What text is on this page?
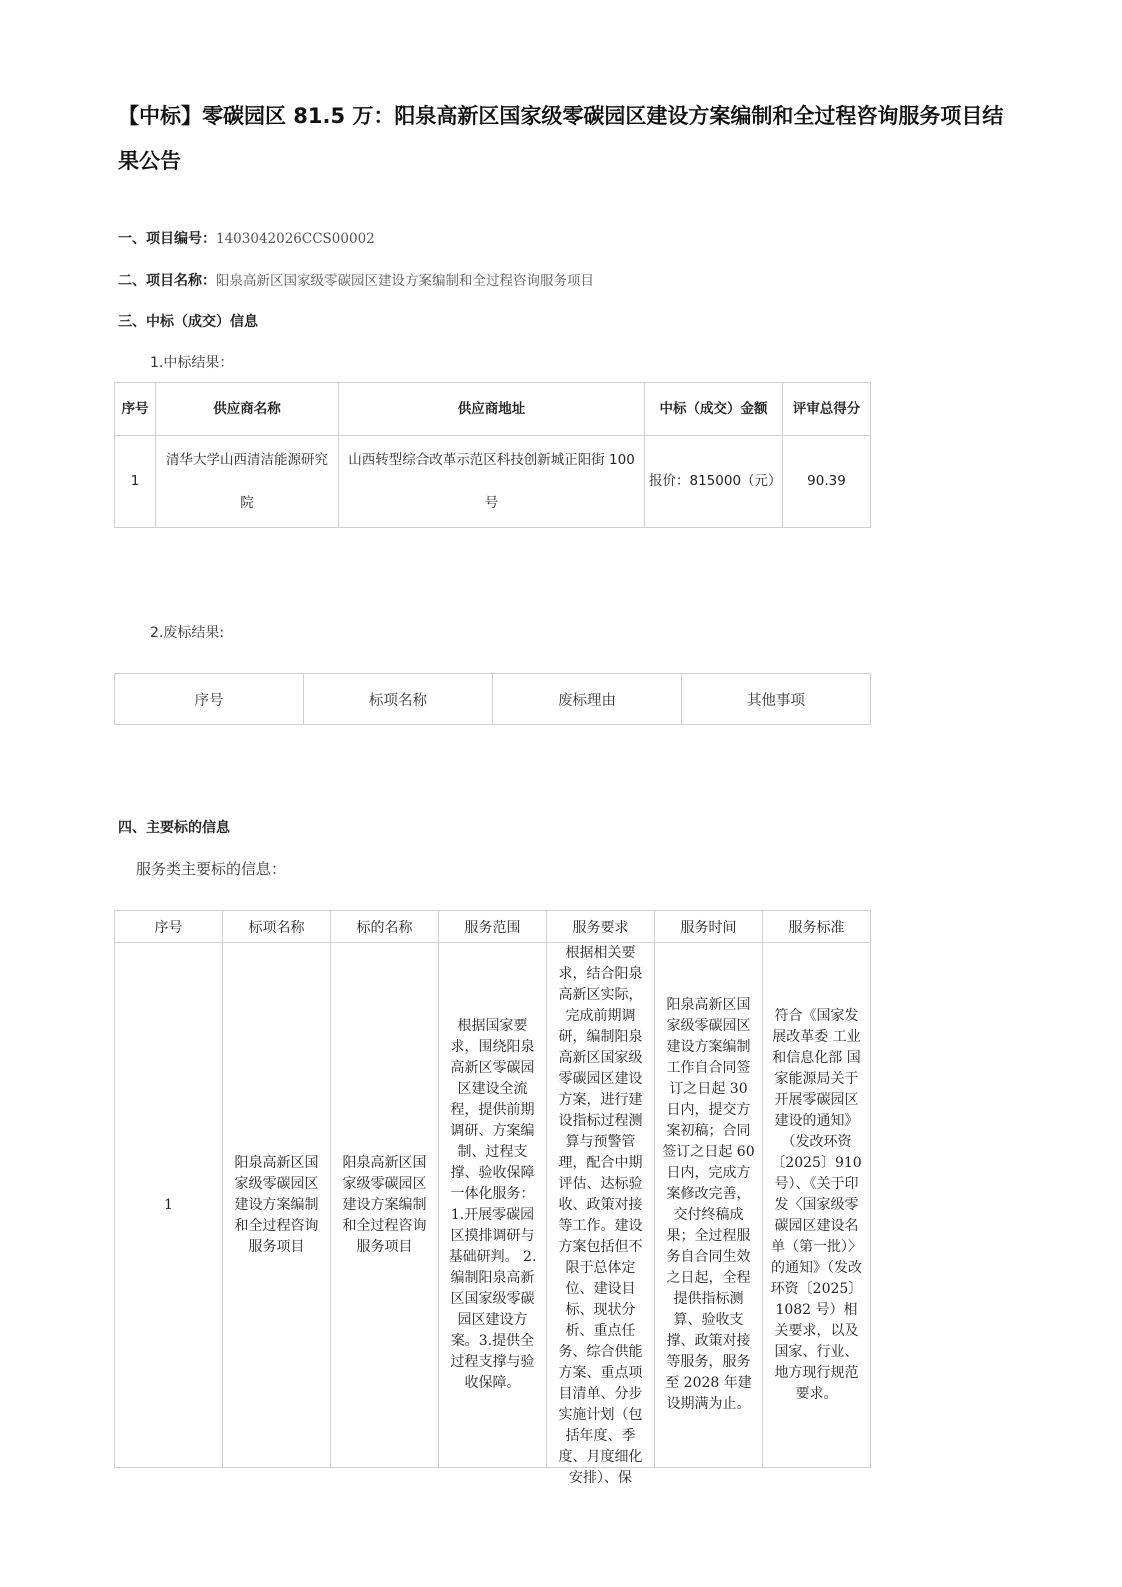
【中标】零碳园区 81.5 万：阳泉高新区国家级零碳园区建设方案编制和全过程咨询服务项目结果公告
一、项目编号：1403042026CCS00002
二、项目名称：阳泉高新区国家级零碳园区建设方案编制和全过程咨询服务项目
三、中标（成交）信息
1.中标结果：
序号	供应商名称	供应商地址	中标（成交）金额	评审总得分
1	清华大学山西清洁能源研究院	山西转型综合改革示范区科技创新城正阳街 100 号	报价：815000（元）	90.39
2.废标结果:
序号	标项名称	废标理由	其他事项
四、主要标的信息
服务类主要标的信息：
序号	标项名称	标的名称	服务范围	服务要求	服务时间	服务标准
1	阳泉高新区国家级零碳园区建设方案编制和全过程咨询服务项目	阳泉高新区国家级零碳园区建设方案编制和全过程咨询服务项目	根据国家要求，围绕阳泉高新区零碳园区建设全流程，提供前期调研、方案编制、过程支撑、验收保障一体化服务： 1.开展零碳园区摸排调研与基础研判。 2.编制阳泉高新区国家级零碳园区建设方案。3.提供全过程支撑与验收保障。	根据相关要求，结合阳泉高新区实际，完成前期调研，编制阳泉高新区国家级零碳园区建设方案，进行建设指标过程测算与预警管理，配合中期评估、达标验收、政策对接等工作。建设方案包括但不限于总体定位、建设目标、现状分析、重点任务、综合供能方案、重点项目清单、分步实施计划（包括年度、季度、月度细化安排）、保	阳泉高新区国家级零碳园区建设方案编制工作自合同签订之日起 30 日内，提交方案初稿；合同签订之日起 60 日内，完成方案修改完善，交付终稿成果；全过程服务自合同生效之日起，全程提供指标测算、验收支撑、政策对接等服务，服务至 2028 年建设期满为止。	符合《国家发展改革委 工业和信息化部 国家能源局关于开展零碳园区建设的通知》（发改环资〔2025〕910 号）、《关于印发〈国家级零碳园区建设名单（第一批）〉的通知》（发改环资〔2025〕1082 号）相关要求，以及国家、行业、地方现行规范要求。
